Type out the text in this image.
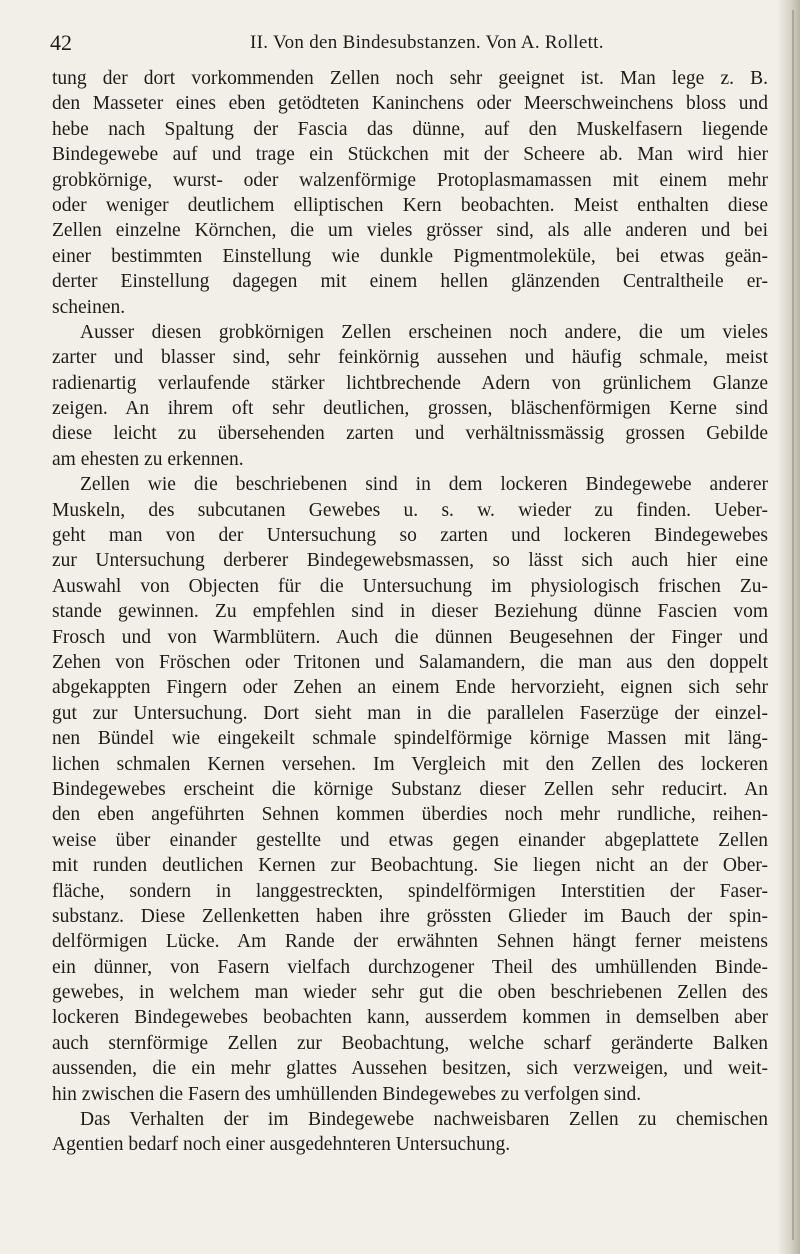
42	II. Von den Bindesubstanzen. Von A. Rollett.
tung der dort vorkommenden Zellen noch sehr geeignet ist. Man lege z. B.
den Masseter eines eben getödteten Kaninchens oder Meerschweinchens bloss und
hebe nach Spaltung der Fascia das dünne, auf den Muskelfasern liegende
Bindegewebe auf und trage ein Stückchen mit der Scheere ab. Man wird hier
grobkörnige, wurst- oder walzenförmige Protoplasmamassen mit einem mehr
oder weniger deutlichem elliptischen Kern beobachten. Meist enthalten diese
Zellen einzelne Körnchen, die um vieles grösser sind, als alle anderen und bei
einer bestimmten Einstellung wie dunkle Pigmentmoleküle, bei etwas geän-
derter Einstellung dagegen mit einem hellen glänzenden Centraltheile er-
scheinen.
Ausser diesen grobkörnigen Zellen erscheinen noch andere, die um vieles
zarter und blasser sind, sehr feinkörnig aussehen und häufig schmale, meist
radienartig verlaufende stärker lichtbrechende Adern von grünlichem Glanze
zeigen. An ihrem oft sehr deutlichen, grossen, bläschenförmigen Kerne sind
diese leicht zu übersehenden zarten und verhältnissmässig grossen Gebilde
am ehesten zu erkennen.
Zellen wie die beschriebenen sind in dem lockeren Bindegewebe anderer
Muskeln, des subcutanen Gewebes u. s. w. wieder zu finden. Ueber-
geht man von der Untersuchung so zarten und lockeren Bindegewebes
zur Untersuchung derberer Bindegewebsmassen, so lässt sich auch hier eine
Auswahl von Objecten für die Untersuchung im physiologisch frischen Zu-
stande gewinnen. Zu empfehlen sind in dieser Beziehung dünne Fascien vom
Frosch und von Warmblütern. Auch die dünnen Beugesehnen der Finger und
Zehen von Fröschen oder Tritonen und Salamandern, die man aus den doppelt
abgekappten Fingern oder Zehen an einem Ende hervorzieht, eignen sich sehr
gut zur Untersuchung. Dort sieht man in die parallelen Faserzüge der einzel-
nen Bündel wie eingekeilt schmale spindelförmige körnige Massen mit läng-
lichen schmalen Kernen versehen. Im Vergleich mit den Zellen des lockeren
Bindegewebes erscheint die körnige Substanz dieser Zellen sehr reducirt. An
den eben angeführten Sehnen kommen überdies noch mehr rundliche, reihen-
weise über einander gestellte und etwas gegen einander abgeplattete Zellen
mit runden deutlichen Kernen zur Beobachtung. Sie liegen nicht an der Ober-
fläche, sondern in langgestreckten, spindelförmigen Interstitien der Faser-
substanz. Diese Zellenketten haben ihre grössten Glieder im Bauch der spin-
delförmigen Lücke. Am Rande der erwähnten Sehnen hängt ferner meistens
ein dünner, von Fasern vielfach durchzogener Theil des umhüllenden Binde-
gewebes, in welchem man wieder sehr gut die oben beschriebenen Zellen des
lockeren Bindegewebes beobachten kann, ausserdem kommen in demselben aber
auch sternförmige Zellen zur Beobachtung, welche scharf geränderte Balken
aussenden, die ein mehr glattes Aussehen besitzen, sich verzweigen, und weit-
hin zwischen die Fasern des umhüllenden Bindegewebes zu verfolgen sind.
Das Verhalten der im Bindegewebe nachweisbaren Zellen zu chemischen
Agentien bedarf noch einer ausgedehnteren Untersuchung.
